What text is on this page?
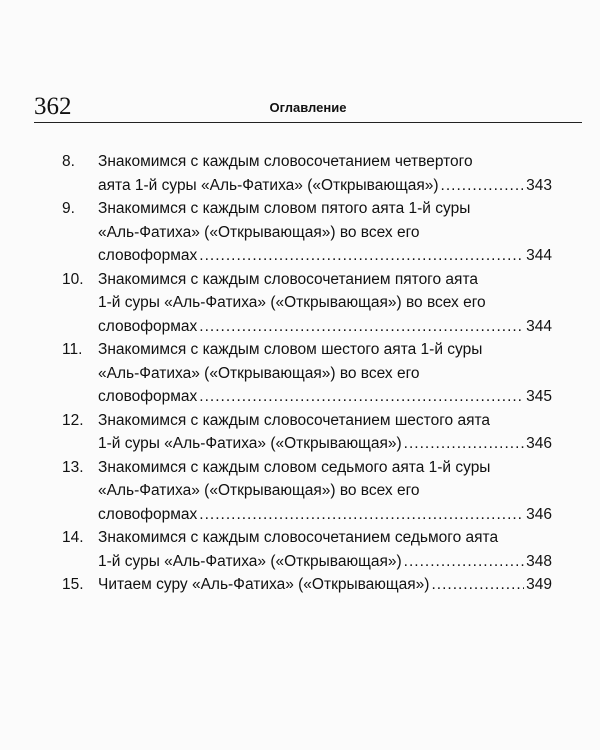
362	Оглавление
8. Знакомимся с каждым словосочетанием четвертого
аята 1-й суры «Аль-Фатиха» («Открывающая») .....	343
9. Знакомимся с каждым словом пятого аята 1-й суры
«Аль-Фатиха» («Открывающая») во всех его
словоформах .....	344
10. Знакомимся с каждым словосочетанием пятого аята
1-й суры «Аль-Фатиха» («Открывающая») во всех его
словоформах .....	344
11. Знакомимся с каждым словом шестого аята 1-й суры
«Аль-Фатиха» («Открывающая») во всех его
словоформах .....	345
12. Знакомимся с каждым словосочетанием шестого аята
1-й суры «Аль-Фатиха» («Открывающая») .....	346
13. Знакомимся с каждым словом седьмого аята 1-й суры
«Аль-Фатиха» («Открывающая») во всех его
словоформах .....	346
14. Знакомимся с каждым словосочетанием седьмого аята
1-й суры «Аль-Фатиха» («Открывающая») .....	348
15. Читаем суру «Аль-Фатиха» («Открывающая») .....	349
